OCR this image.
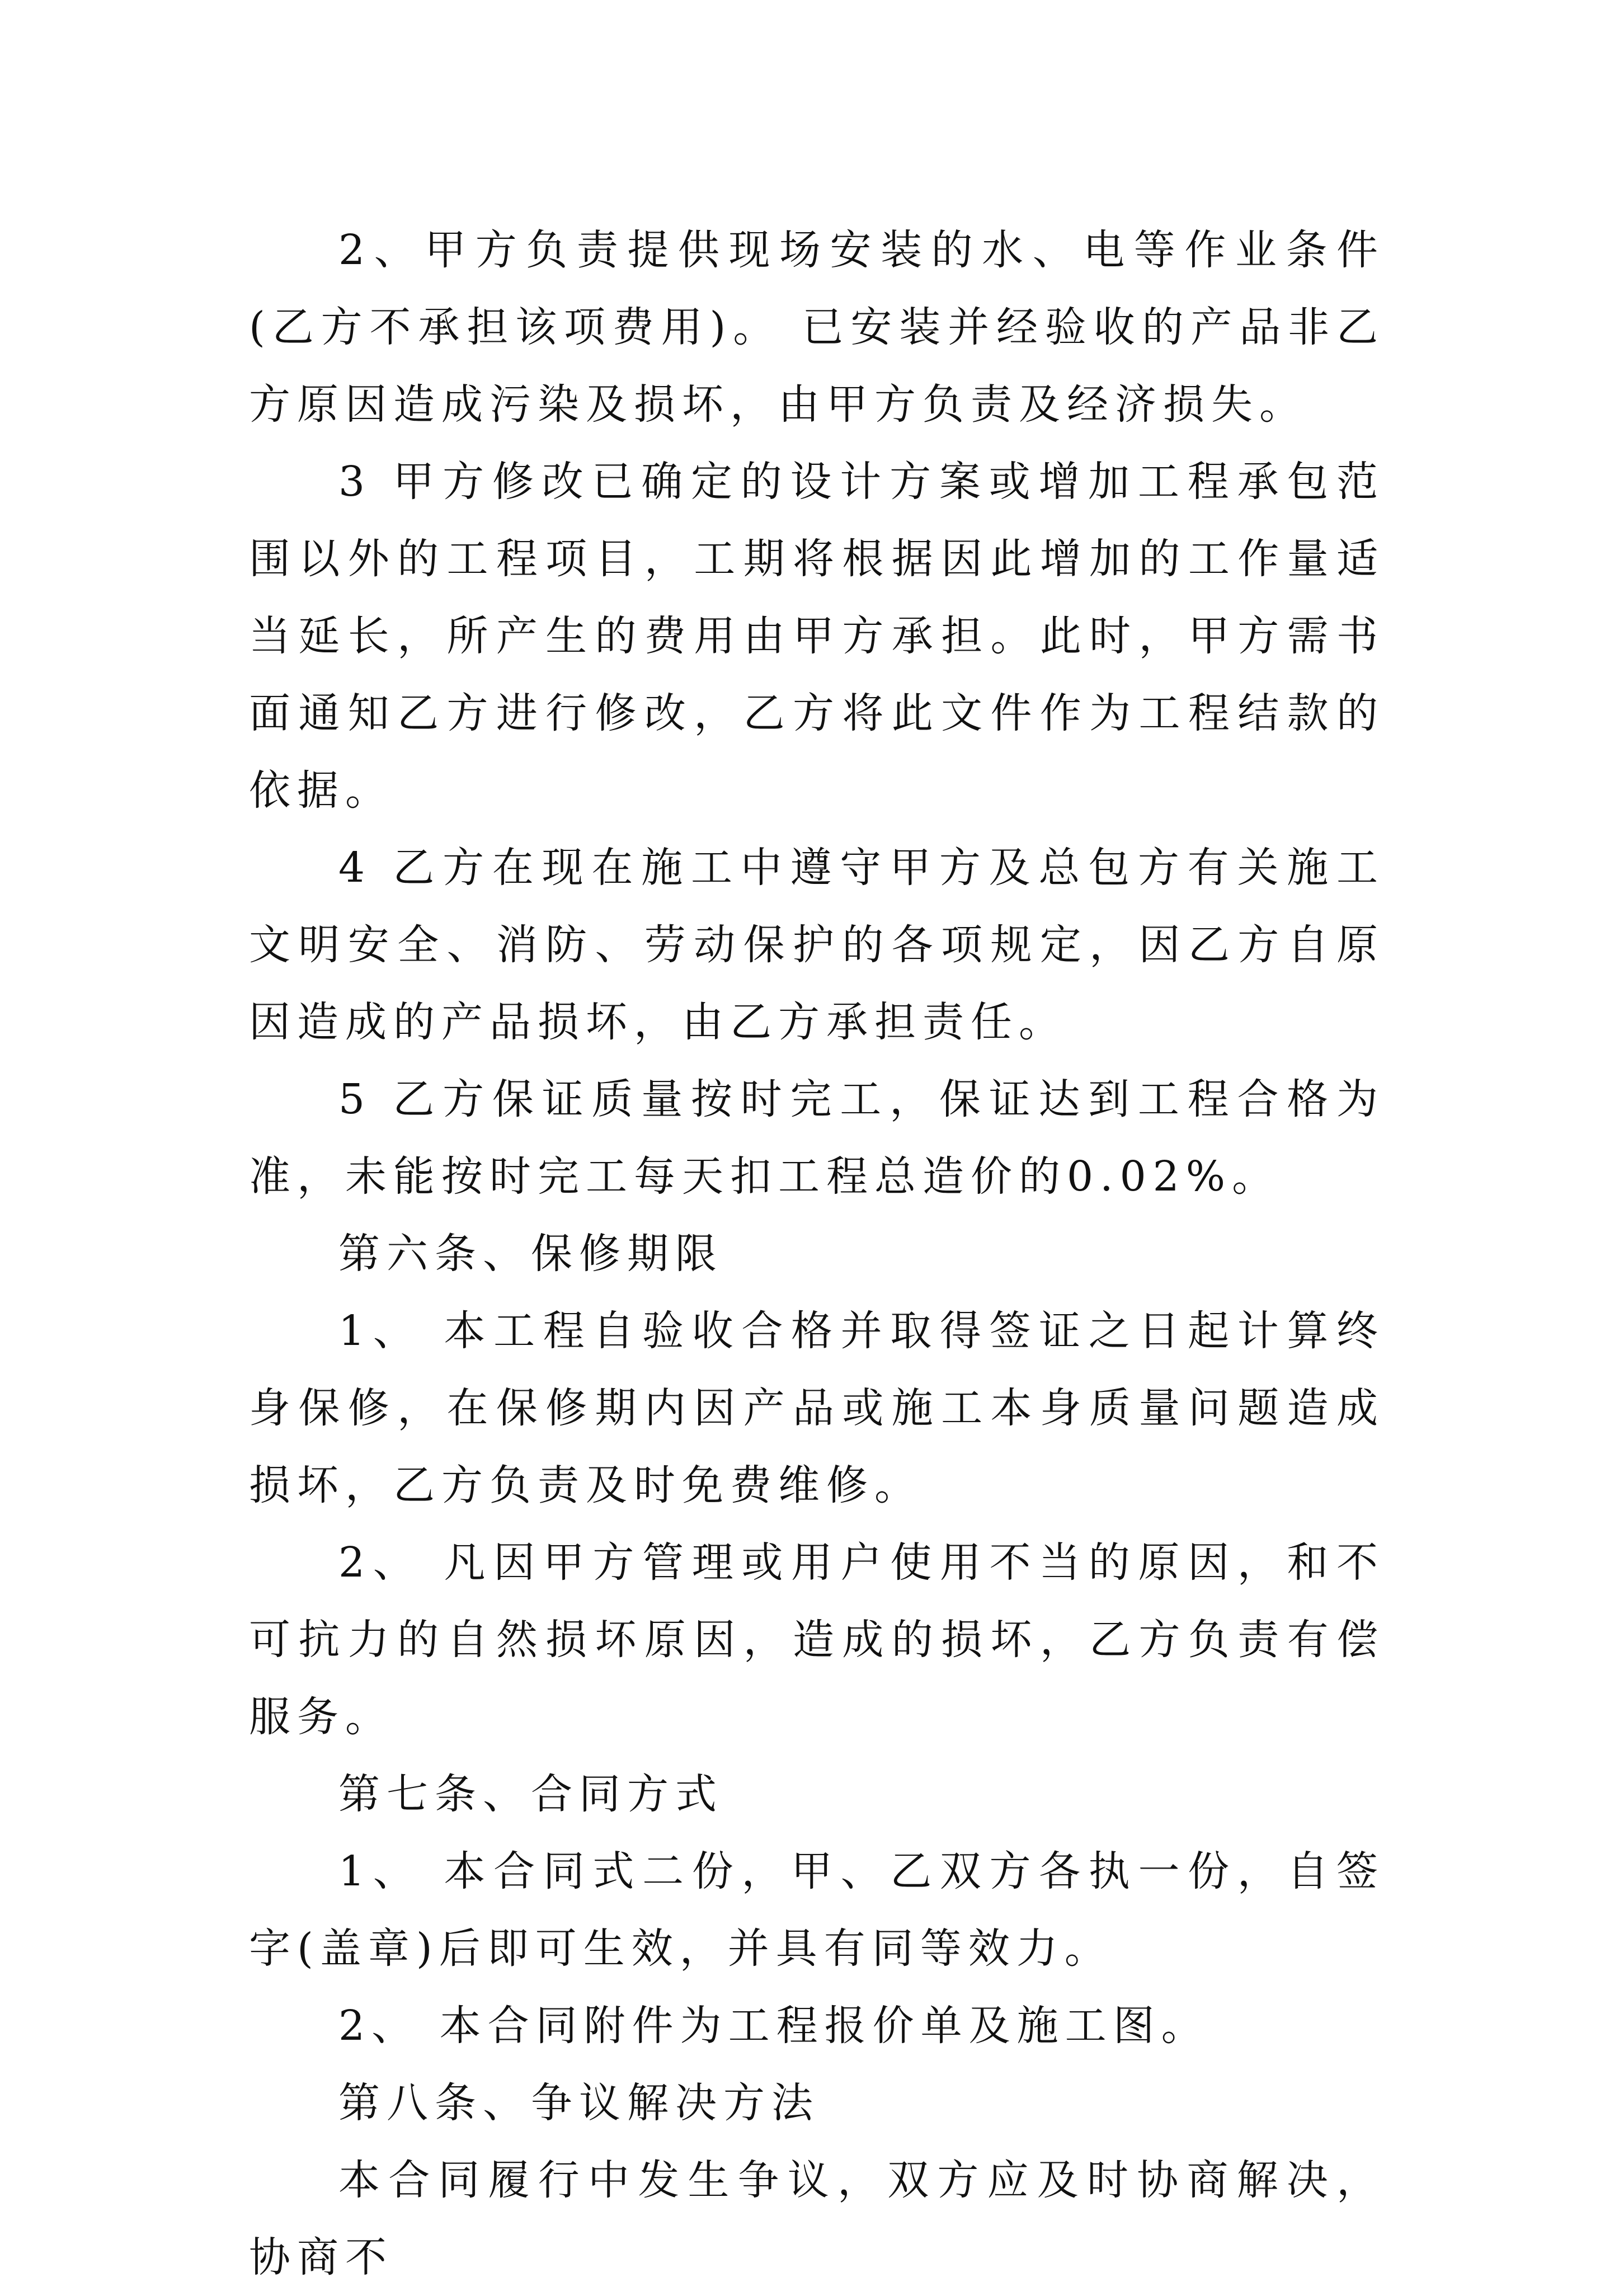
2、甲方负责提供现场安装的水、电等作业条件(乙方不承担该项费用)。 已安装并经验收的产品非乙方原因造成污染及损坏，由甲方负责及经济损失。

3 甲方修改已确定的设计方案或增加工程承包范围以外的工程项目，工期将根据因此增加的工作量适当延长，所产生的费用由甲方承担。此时，甲方需书面通知乙方进行修改，乙方将此文件作为工程结款的依据。

4 乙方在现在施工中遵守甲方及总包方有关施工文明安全、消防、劳动保护的各项规定，因乙方自原因造成的产品损坏，由乙方承担责任。

5 乙方保证质量按时完工，保证达到工程合格为准，未能按时完工每天扣工程总造价的0.02%。

第六条、保修期限

1、 本工程自验收合格并取得签证之日起计算终身保修，在保修期内因产品或施工本身质量问题造成损坏，乙方负责及时免费维修。

2、 凡因甲方管理或用户使用不当的原因，和不可抗力的自然损坏原因，造成的损坏，乙方负责有偿服务。

第七条、合同方式

1、 本合同式二份，甲、乙双方各执一份，自签字(盖章)后即可生效，并具有同等效力。

2、 本合同附件为工程报价单及施工图。

第八条、争议解决方法

本合同履行中发生争议，双方应及时协商解决，协商不
